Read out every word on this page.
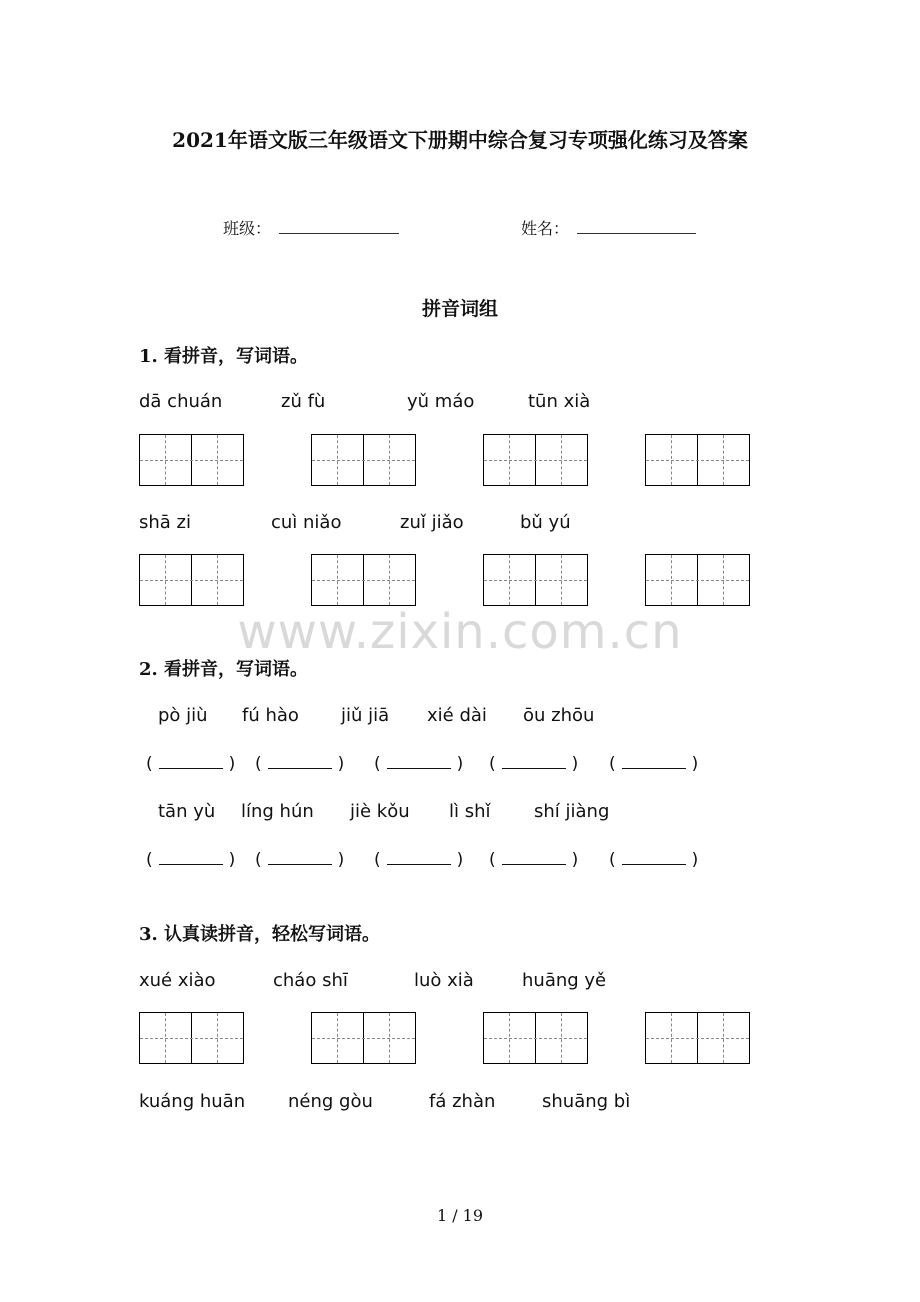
2021年语文版三年级语文下册期中综合复习专项强化练习及答案
班级：	姓名：
拼音词组
1. 看拼音，写词语。
dā chuán	zǔ fù	yǔ máo	tūn xià
shā zi	cuì niǎo	zuǐ jiǎo	bǔ yú
www.zixin.com.cn
2. 看拼音，写词语。
pò jiù fú hào jiǔ jiā xié dài ōu zhōu
(	) (	) (	) (	) (	)
tān yù líng hún jiè kǒu lì shǐ shí jiàng
(	) (	) (	) (	) (	)
3. 认真读拼音，轻松写词语。
xué xiào	cháo shī	luò xià	huāng yě
kuáng huān néng gòu	fá zhàn	shuāng bì
1 / 19
